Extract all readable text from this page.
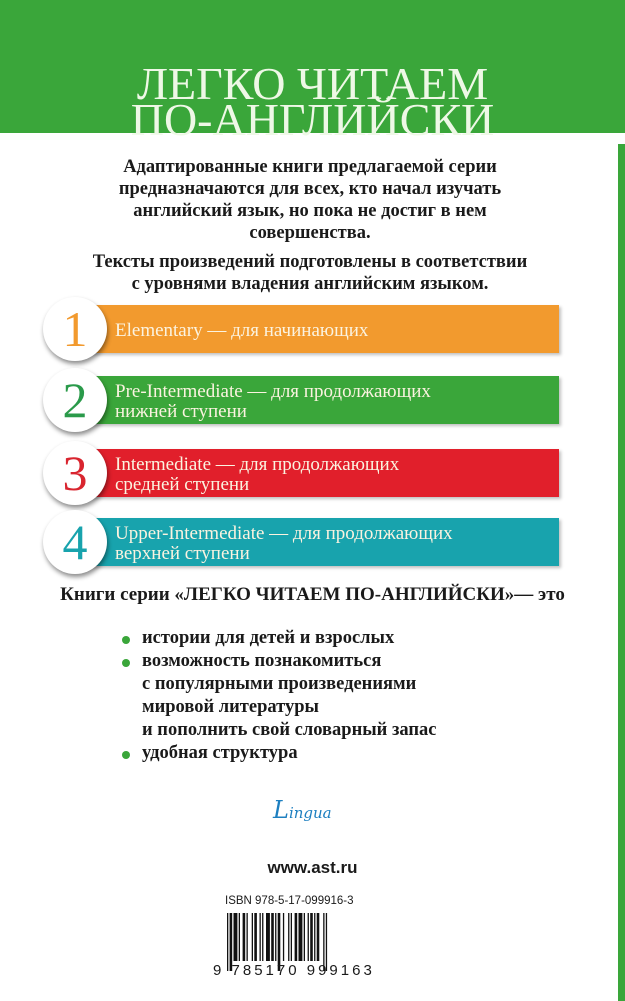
ЛЕГКО ЧИТАЕМ
ПО-АНГЛИЙСКИ
Адаптированные книги предлагаемой серии
предназначаются для всех, кто начал изучать
английский язык, но пока не достиг в нем
совершенства.
Тексты произведений подготовлены в соответствии
с уровнями владения английским языком.
Elementary — для начинающих
1
Pre-Intermediate — для продолжающих
нижней ступени
2
Intermediate — для продолжающих
средней ступени
3
Upper-Intermediate — для продолжающих
верхней ступени
4
Книги серии «ЛЕГКО ЧИТАЕМ ПО-АНГЛИЙСКИ»— это
истории для детей и взрослых
возможность познакомиться
с популярными произведениями
мировой литературы
и пополнить свой словарный запас
удобная структура
Lingua
www.ast.ru
ISBN 978-5-17-099916-3
9 785170 999163
